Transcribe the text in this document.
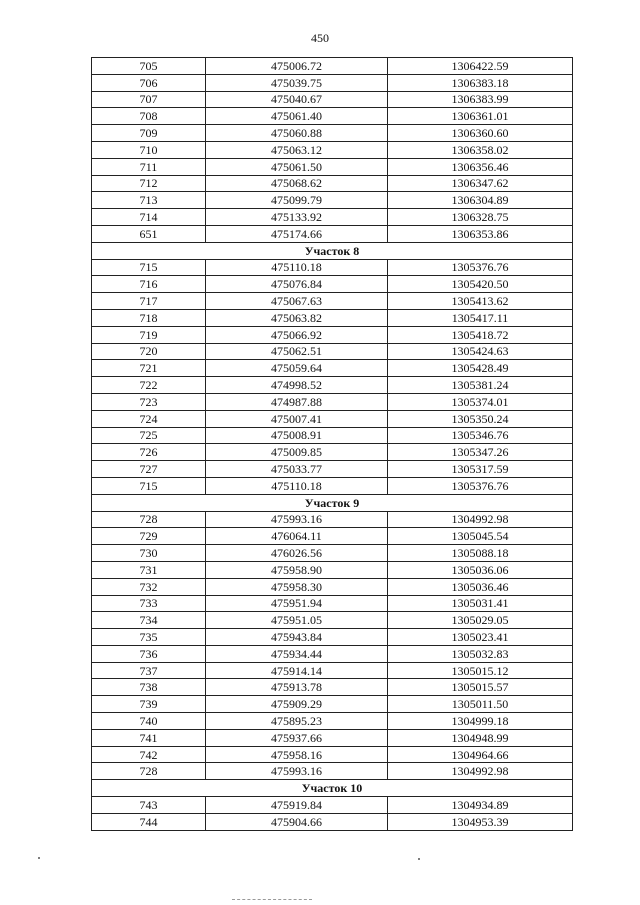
450
705	475006.72	1306422.59
706	475039.75	1306383.18
707	475040.67	1306383.99
708	475061.40	1306361.01
709	475060.88	1306360.60
710	475063.12	1306358.02
711	475061.50	1306356.46
712	475068.62	1306347.62
713	475099.79	1306304.89
714	475133.92	1306328.75
651	475174.66	1306353.86
Участок 8		
715	475110.18	1305376.76
716	475076.84	1305420.50
717	475067.63	1305413.62
718	475063.82	1305417.11
719	475066.92	1305418.72
720	475062.51	1305424.63
721	475059.64	1305428.49
722	474998.52	1305381.24
723	474987.88	1305374.01
724	475007.41	1305350.24
725	475008.91	1305346.76
726	475009.85	1305347.26
727	475033.77	1305317.59
715	475110.18	1305376.76
Участок 9		
728	475993.16	1304992.98
729	476064.11	1305045.54
730	476026.56	1305088.18
731	475958.90	1305036.06
732	475958.30	1305036.46
733	475951.94	1305031.41
734	475951.05	1305029.05
735	475943.84	1305023.41
736	475934.44	1305032.83
737	475914.14	1305015.12
738	475913.78	1305015.57
739	475909.29	1305011.50
740	475895.23	1304999.18
741	475937.66	1304948.99
742	475958.16	1304964.66
728	475993.16	1304992.98
Участок 10		
743	475919.84	1304934.89
744	475904.66	1304953.39
